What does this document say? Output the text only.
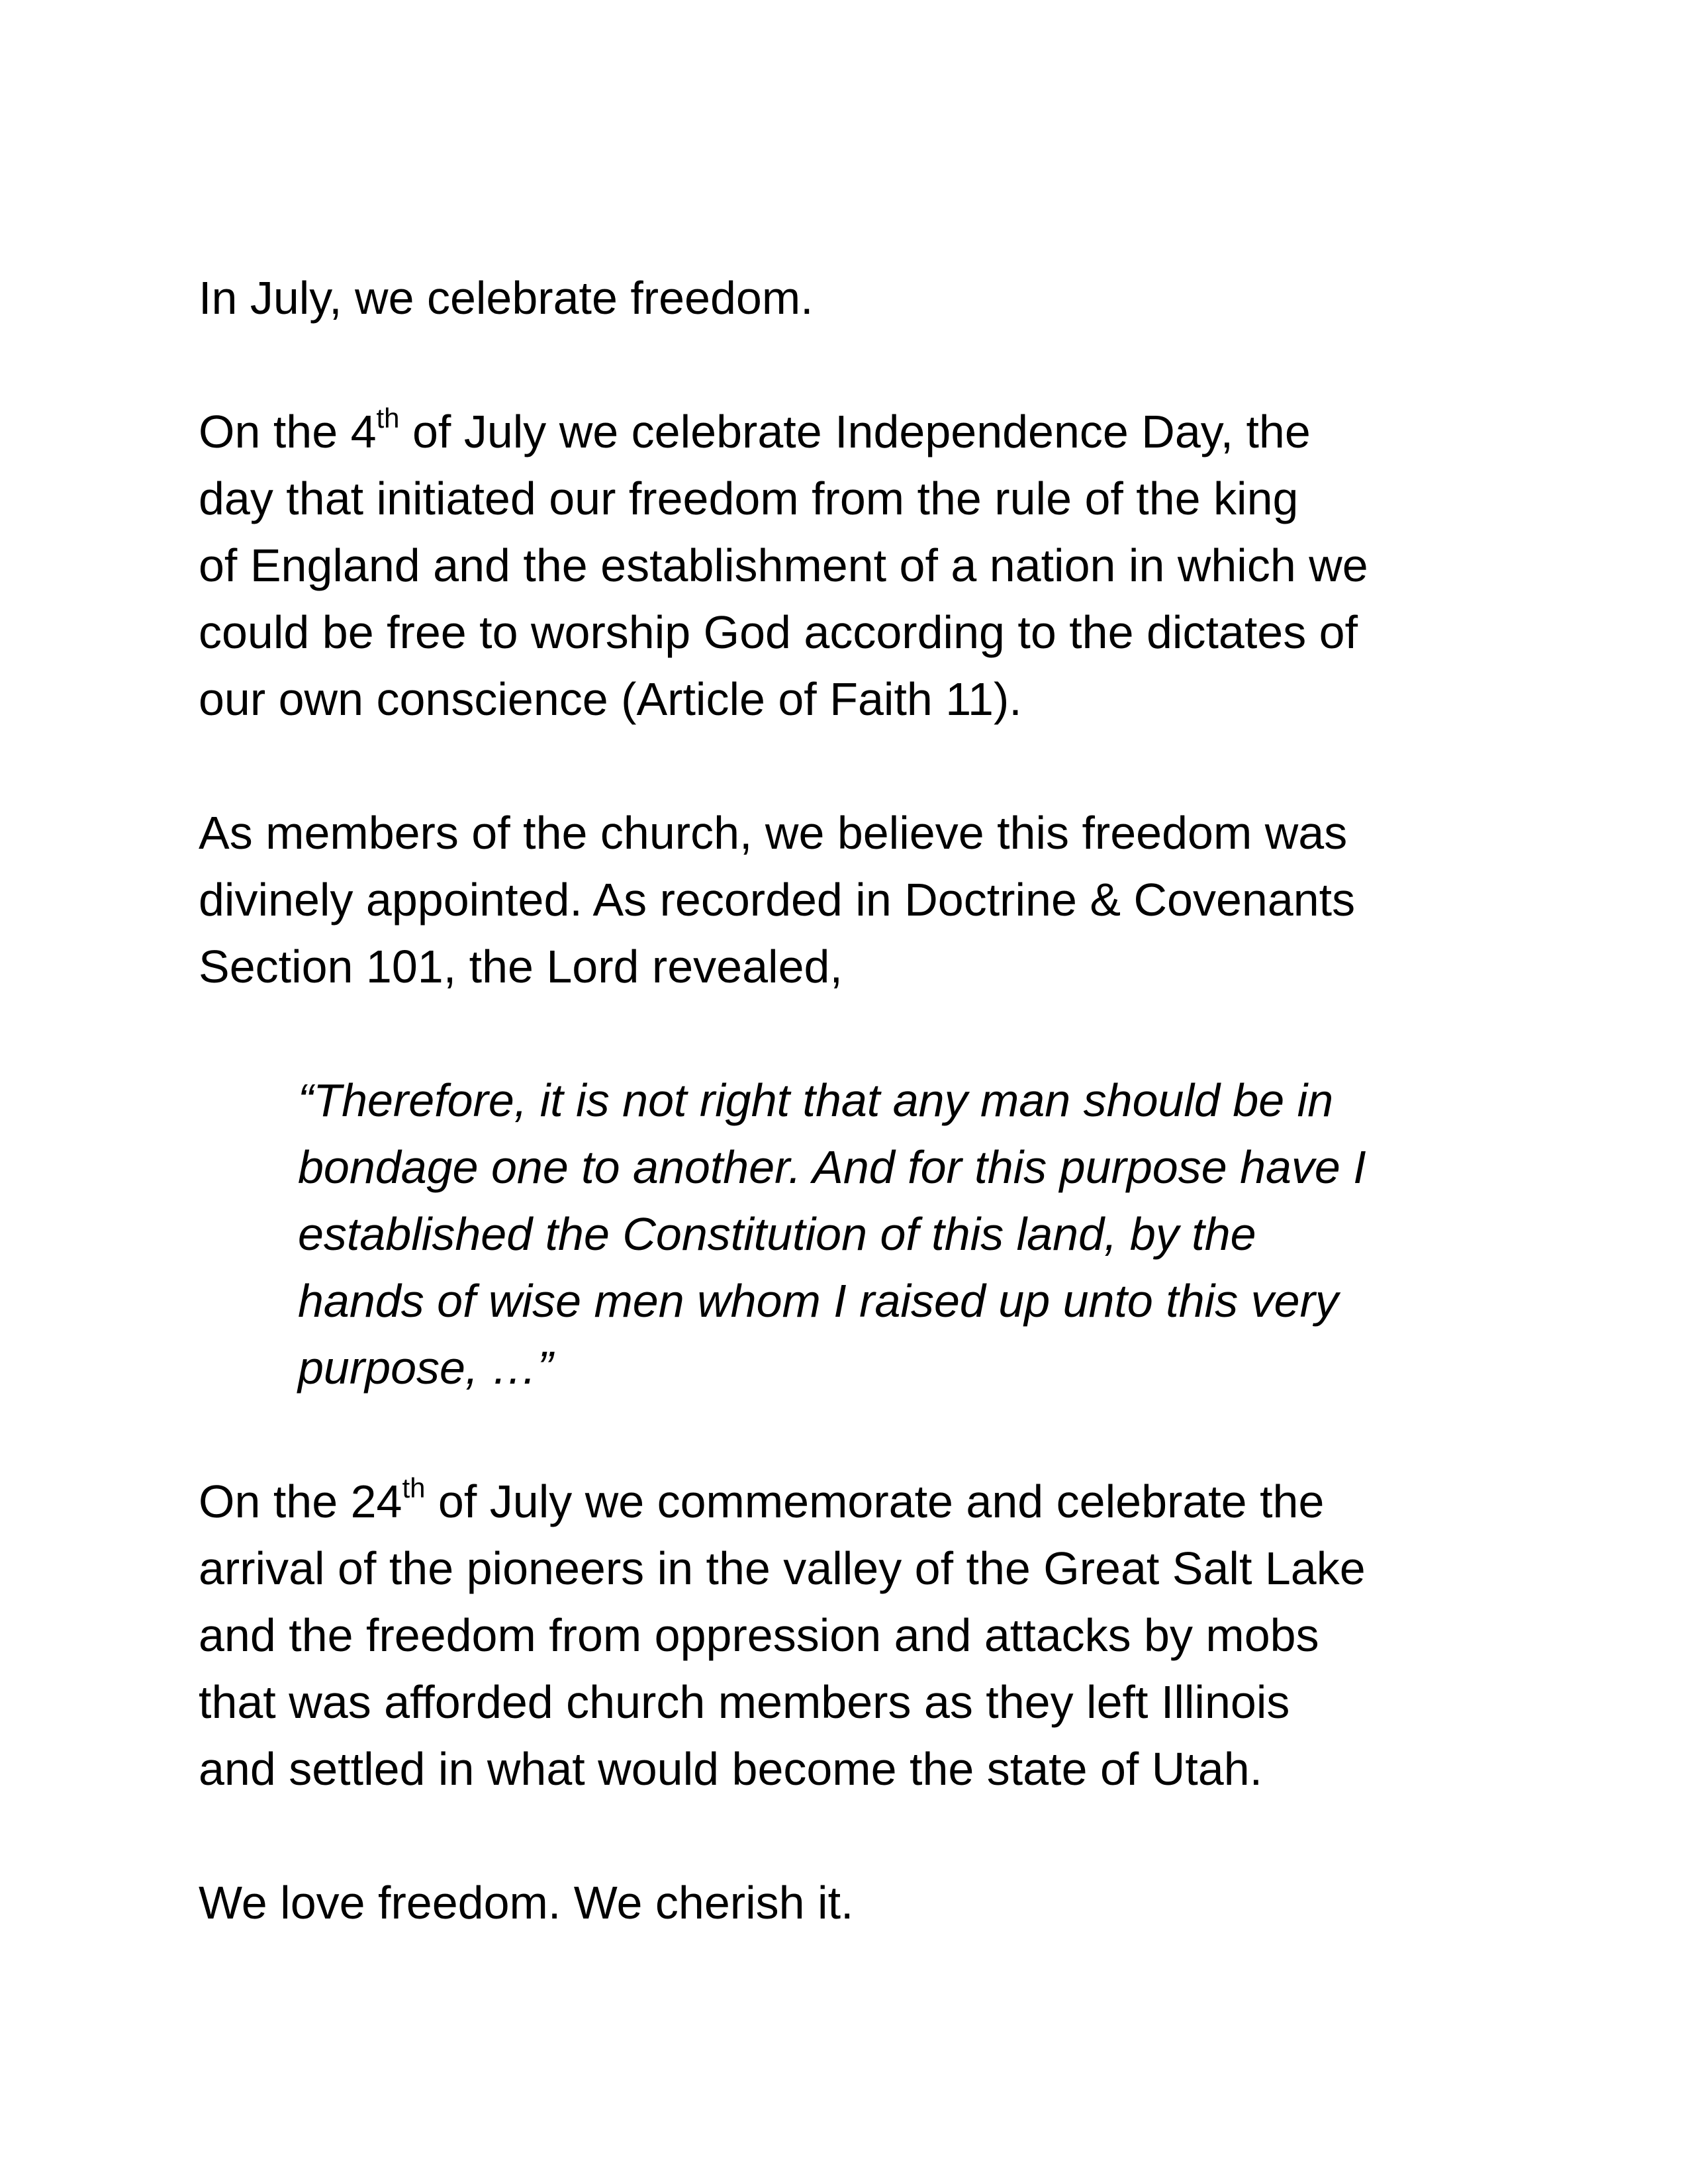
In July, we celebrate freedom.
On the 4th of July we celebrate Independence Day, the
day that initiated our freedom from the rule of the king
of England and the establishment of a nation in which we
could be free to worship God according to the dictates of
our own conscience (Article of Faith 11).
As members of the church, we believe this freedom was
divinely appointed. As recorded in Doctrine & Covenants
Section 101, the Lord revealed,
“Therefore, it is not right that any man should be in
bondage one to another. And for this purpose have I
established the Constitution of this land, by the
hands of wise men whom I raised up unto this very
purpose, …”
On the 24th of July we commemorate and celebrate the
arrival of the pioneers in the valley of the Great Salt Lake
and the freedom from oppression and attacks by mobs
that was afforded church members as they left Illinois
and settled in what would become the state of Utah.
We love freedom. We cherish it.
